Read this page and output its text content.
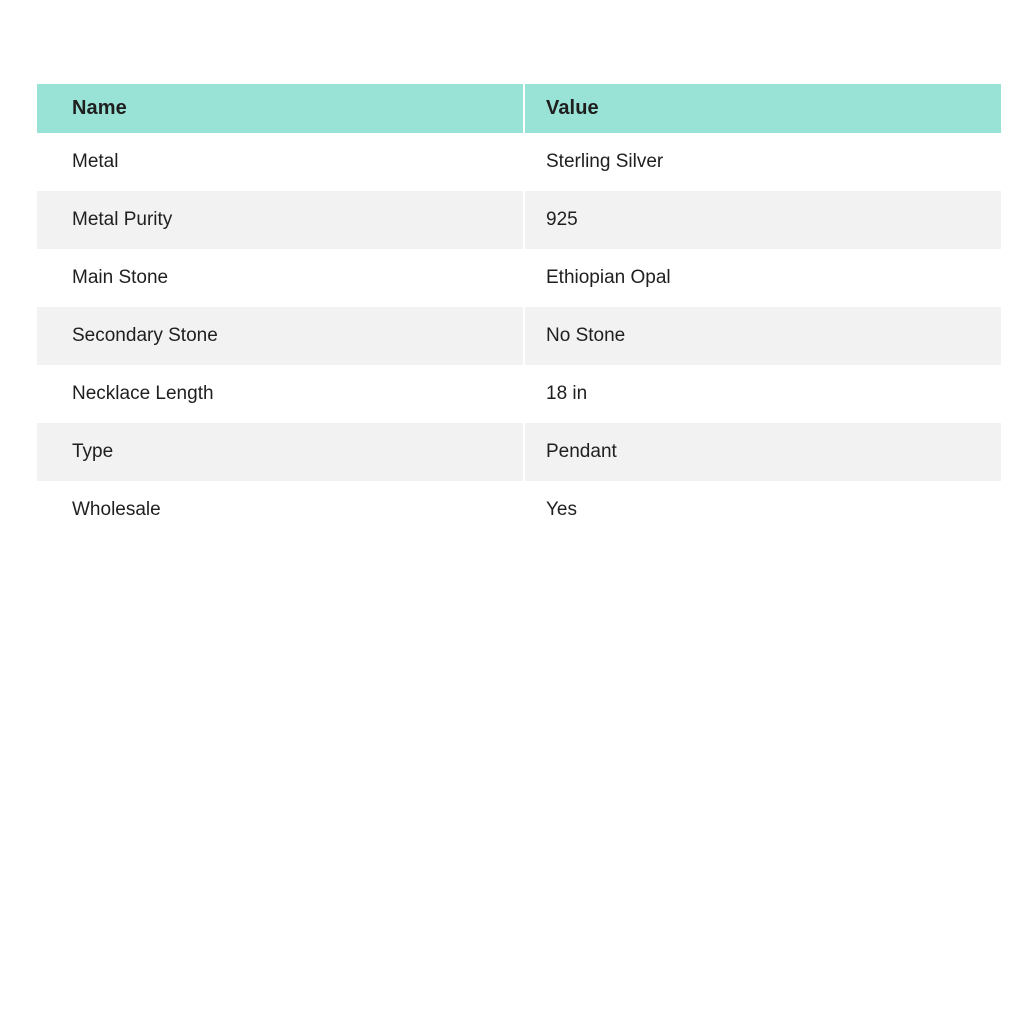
Name	Value
Metal	Sterling Silver
Metal Purity	925
Main Stone	Ethiopian Opal
Secondary Stone	No Stone
Necklace Length	18 in
Type	Pendant
Wholesale	Yes
